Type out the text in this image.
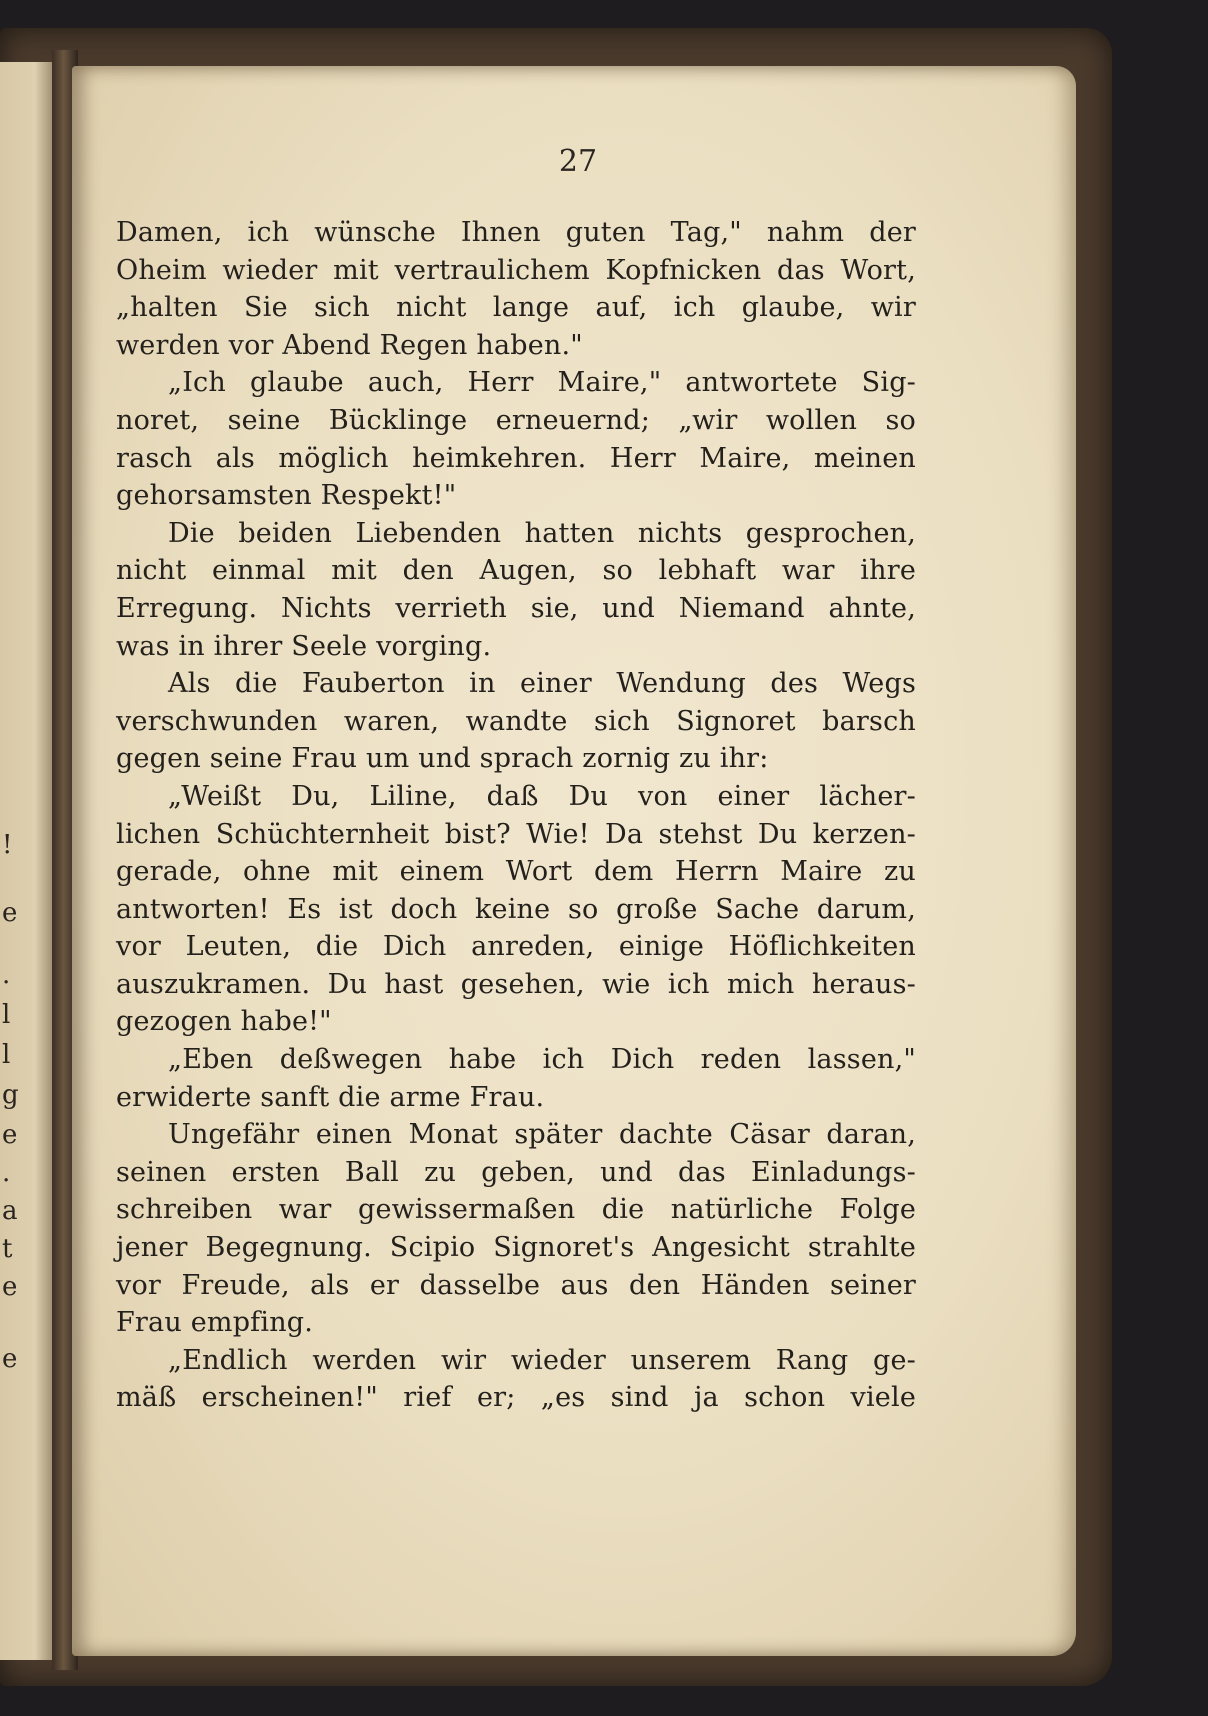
!
e
.
l
l
g
e
.
a
t
e
e
27
Damen, ich wünsche Ihnen guten Tag," nahm der
Oheim wieder mit vertraulichem Kopfnicken das Wort,
„halten Sie sich nicht lange auf, ich glaube, wir
werden vor Abend Regen haben."
„Ich glaube auch, Herr Maire," antwortete Sig-
noret, seine Bücklinge erneuernd; „wir wollen so
rasch als möglich heimkehren. Herr Maire, meinen
gehorsamsten Respekt!"
Die beiden Liebenden hatten nichts gesprochen,
nicht einmal mit den Augen, so lebhaft war ihre
Erregung. Nichts verrieth sie, und Niemand ahnte,
was in ihrer Seele vorging.
Als die Fauberton in einer Wendung des Wegs
verschwunden waren, wandte sich Signoret barsch
gegen seine Frau um und sprach zornig zu ihr:
„Weißt Du, Liline, daß Du von einer lächer-
lichen Schüchternheit bist? Wie! Da stehst Du kerzen-
gerade, ohne mit einem Wort dem Herrn Maire zu
antworten! Es ist doch keine so große Sache darum,
vor Leuten, die Dich anreden, einige Höflichkeiten
auszukramen. Du hast gesehen, wie ich mich heraus-
gezogen habe!"
„Eben deßwegen habe ich Dich reden lassen,"
erwiderte sanft die arme Frau.
Ungefähr einen Monat später dachte Cäsar daran,
seinen ersten Ball zu geben, und das Einladungs-
schreiben war gewissermaßen die natürliche Folge
jener Begegnung. Scipio Signoret's Angesicht strahlte
vor Freude, als er dasselbe aus den Händen seiner
Frau empfing.
„Endlich werden wir wieder unserem Rang ge-
mäß erscheinen!" rief er; „es sind ja schon viele
